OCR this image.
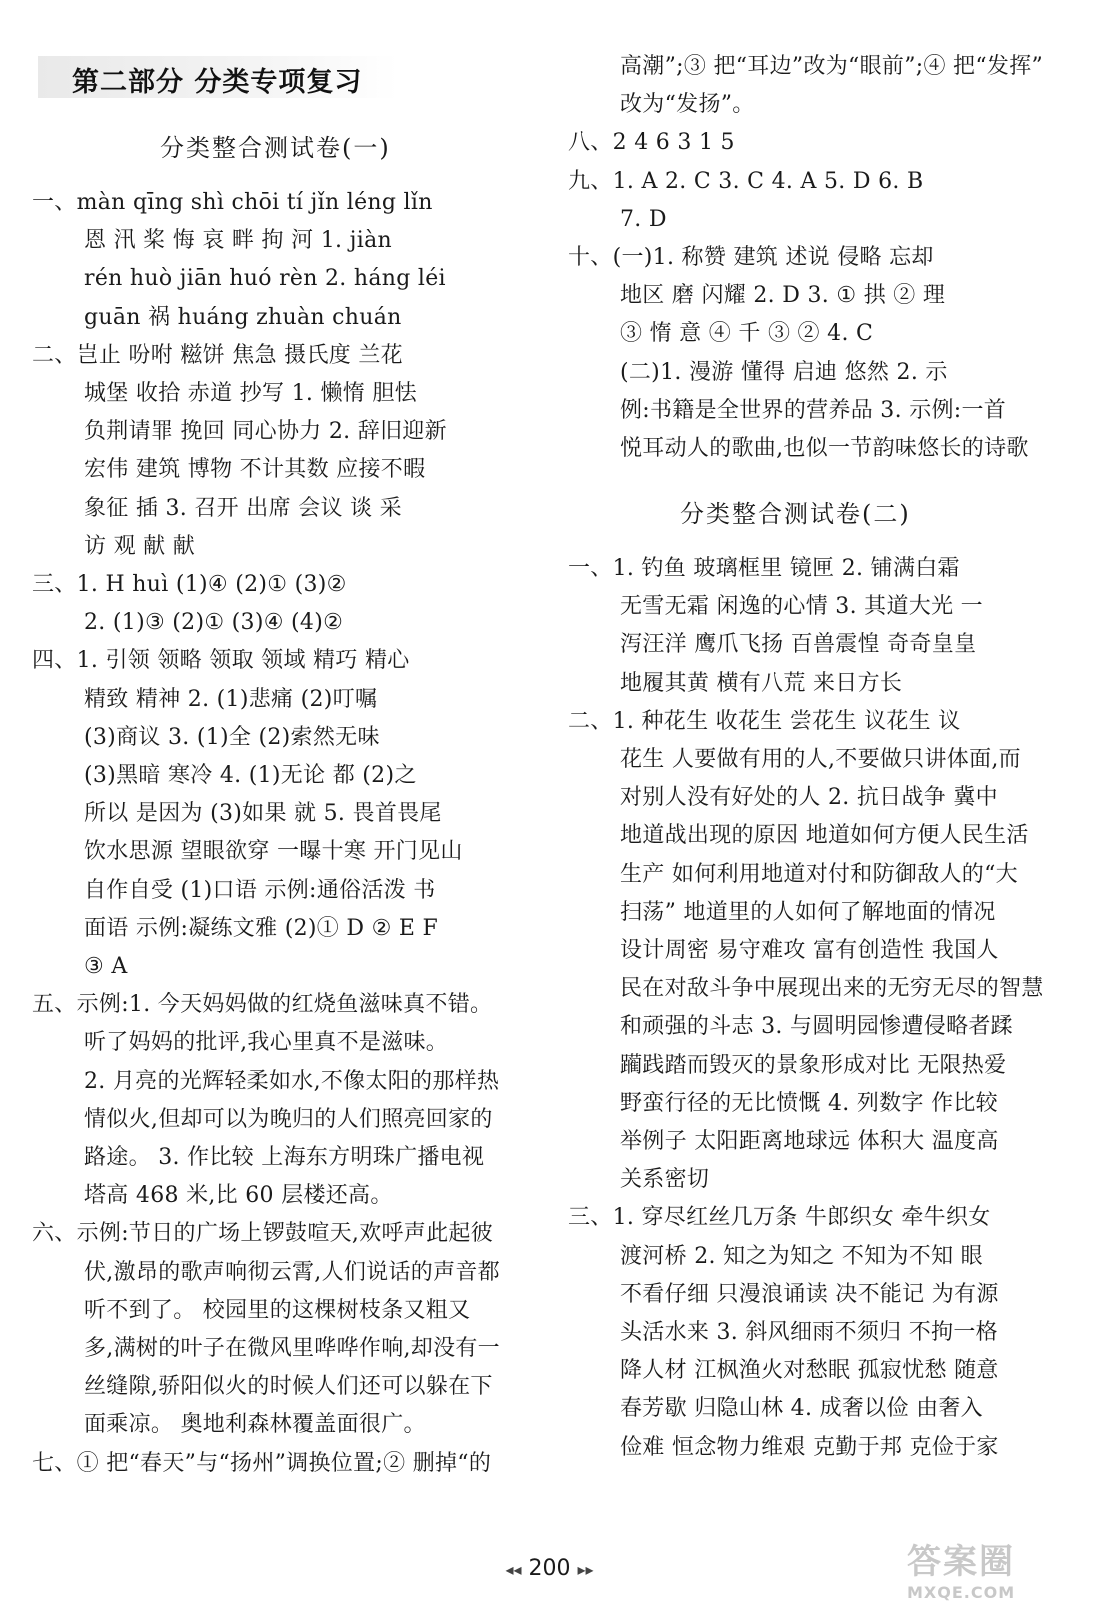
第二部分 分类专项复习
分类整合测试卷(一)
一、màn qīng shì chōi tí jǐn léng lǐn
恩 汛 桨 悔 哀 畔 拘 河 1. jiàn
rén huò jiān huó rèn 2. háng léi
guān 祸 huáng zhuàn chuán
二、岂止 吩咐 糍饼 焦急 摄氏度 兰花
城堡 收拾 赤道 抄写 1. 懒惰 胆怯
负荆请罪 挽回 同心协力 2. 辞旧迎新
宏伟 建筑 博物 不计其数 应接不暇
象征 插 3. 召开 出席 会议 谈 采
访 观 献 献
三、1. H huì (1)④ (2)① (3)②
2. (1)③ (2)① (3)④ (4)②
四、1. 引领 领略 领取 领域 精巧 精心
精致 精神 2. (1)悲痛 (2)叮嘱
(3)商议 3. (1)全 (2)索然无味
(3)黑暗 寒冷 4. (1)无论 都 (2)之
所以 是因为 (3)如果 就 5. 畏首畏尾
饮水思源 望眼欲穿 一曝十寒 开门见山
自作自受 (1)口语 示例:通俗活泼 书
面语 示例:凝练文雅 (2)① D ② E F
③ A
五、示例:1. 今天妈妈做的红烧鱼滋味真不错。
听了妈妈的批评,我心里真不是滋味。
2. 月亮的光辉轻柔如水,不像太阳的那样热
情似火,但却可以为晚归的人们照亮回家的
路途。 3. 作比较 上海东方明珠广播电视
塔高 468 米,比 60 层楼还高。
六、示例:节日的广场上锣鼓喧天,欢呼声此起彼
伏,激昂的歌声响彻云霄,人们说话的声音都
听不到了。 校园里的这棵树枝条又粗又
多,满树的叶子在微风里哗哗作响,却没有一
丝缝隙,骄阳似火的时候人们还可以躲在下
面乘凉。 奥地利森林覆盖面很广。
七、① 把“春天”与“扬州”调换位置;② 删掉“的
分类整合测试卷(二)
高潮”;③ 把“耳边”改为“眼前”;④ 把“发挥”
改为“发扬”。
八、2 4 6 3 1 5
九、1. A 2. C 3. C 4. A 5. D 6. B
7. D
十、(一)1. 称赞 建筑 述说 侵略 忘却
地区 磨 闪耀 2. D 3. ① 拱 ② 理
③ 惰 意 ④ 千 ③ ② 4. C
(二)1. 漫游 懂得 启迪 悠然 2. 示
例:书籍是全世界的营养品 3. 示例:一首
悦耳动人的歌曲,也似一节韵味悠长的诗歌
一、1. 钓鱼 玻璃框里 镜匣 2. 铺满白霜
无雪无霜 闲逸的心情 3. 其道大光 一
泻汪洋 鹰爪飞扬 百兽震惶 奇奇皇皇
地履其黄 横有八荒 来日方长
二、1. 种花生 收花生 尝花生 议花生 议
花生 人要做有用的人,不要做只讲体面,而
对别人没有好处的人 2. 抗日战争 冀中
地道战出现的原因 地道如何方便人民生活
生产 如何利用地道对付和防御敌人的“大
扫荡” 地道里的人如何了解地面的情况
设计周密 易守难攻 富有创造性 我国人
民在对敌斗争中展现出来的无穷无尽的智慧
和顽强的斗志 3. 与圆明园惨遭侵略者蹂
躏践踏而毁灭的景象形成对比 无限热爱
野蛮行径的无比愤慨 4. 列数字 作比较
举例子 太阳距离地球远 体积大 温度高
关系密切
三、1. 穿尽红丝几万条 牛郎织女 牵牛织女
渡河桥 2. 知之为知之 不知为不知 眼
不看仔细 只漫浪诵读 决不能记 为有源
头活水来 3. 斜风细雨不须归 不拘一格
降人材 江枫渔火对愁眠 孤寂忧愁 随意
春芳歇 归隐山林 4. 成奢以俭 由奢入
俭难 恒念物力维艰 克勤于邦 克俭于家
◂◂ 200 ▸▸	答案圈
MXQE.COM
